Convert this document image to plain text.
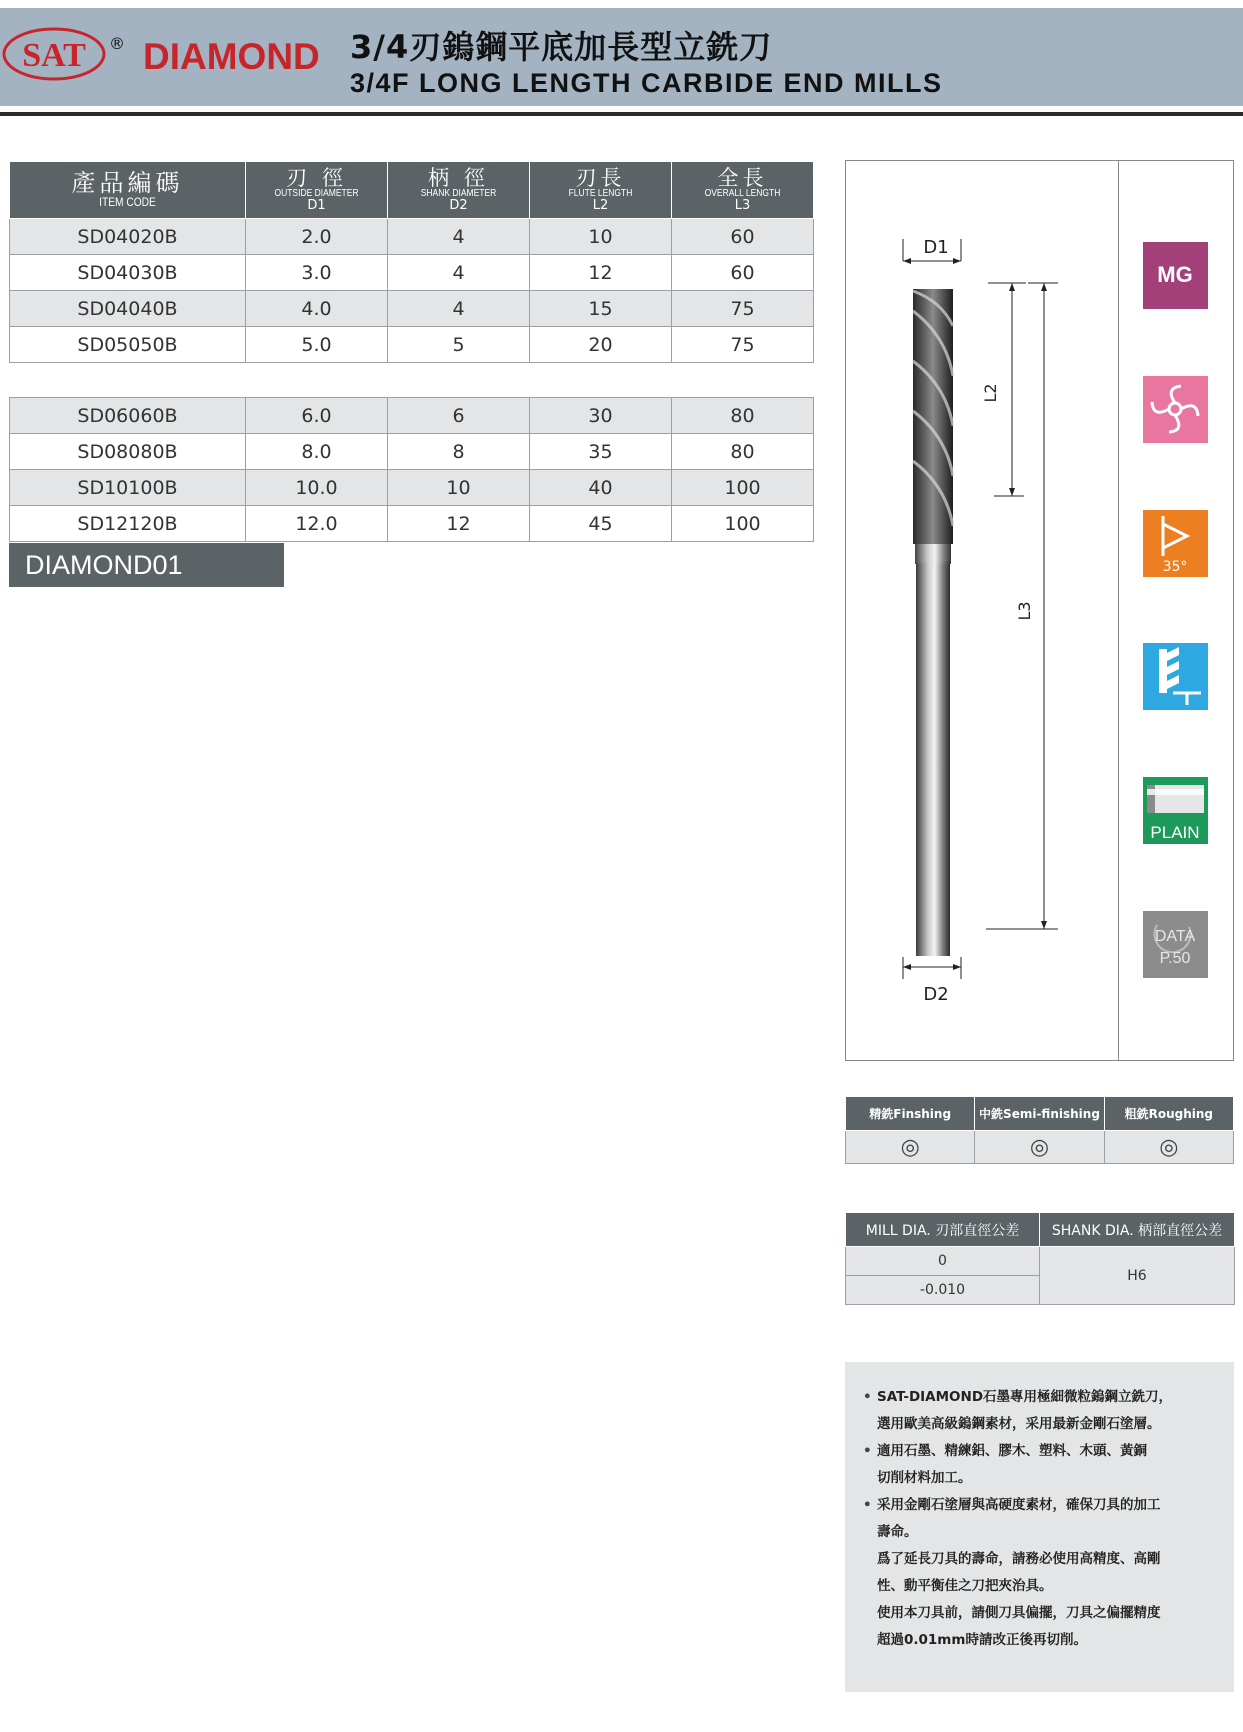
SAT ® DIAMOND 3/4刃鎢鋼平底加長型立銑刀
3/4F LONG LENGTH CARBIDE END MILLS
產品編碼
ITEM CODE	刃 徑
OUTSIDE DIAMETER
D1	柄 徑
SHANK DIAMETER
D2	刃長
FLUTE LENGTH
L2	全長
OVERALL LENGTH
L3

SD04020B	2.0	4	10	60
SD04030B	3.0	4	12	60
SD04040B	4.0	4	15	75
SD05050B	5.0	5	20	75

SD06060B	6.0	6	30	80
SD08080B	8.0	8	35	80
SD10100B	10.0	10	40	100
SD12120B	12.0	12	45	100
DIAMOND01 SERIES
D1
D2
L2
L3
MG
35°
PLAIN
DATA
P.50
精銑Finshing	中銑Semi-finishing	粗銑Roughing
◎	◎	◎
MILL DIA. 刃部直徑公差	SHANK DIA. 柄部直徑公差
0	H6
-0.010	

• SAT-DIAMOND石墨專用極細微粒鎢鋼立銑刀，

選用歐美高級鎢鋼素材，采用最新金剛石塗層。

• 適用石墨、精練鋁、膠木、塑料、木頭、黃銅

切削材料加工。

• 采用金剛石塗層與高硬度素材，確保刀具的加工

壽命。

爲了延長刀具的壽命，請務必使用高精度、高剛

性、動平衡佳之刀把夾治具。

使用本刀具前，請側刀具偏擺，刀具之偏擺精度

超過0.01mm時請改正後再切削。
